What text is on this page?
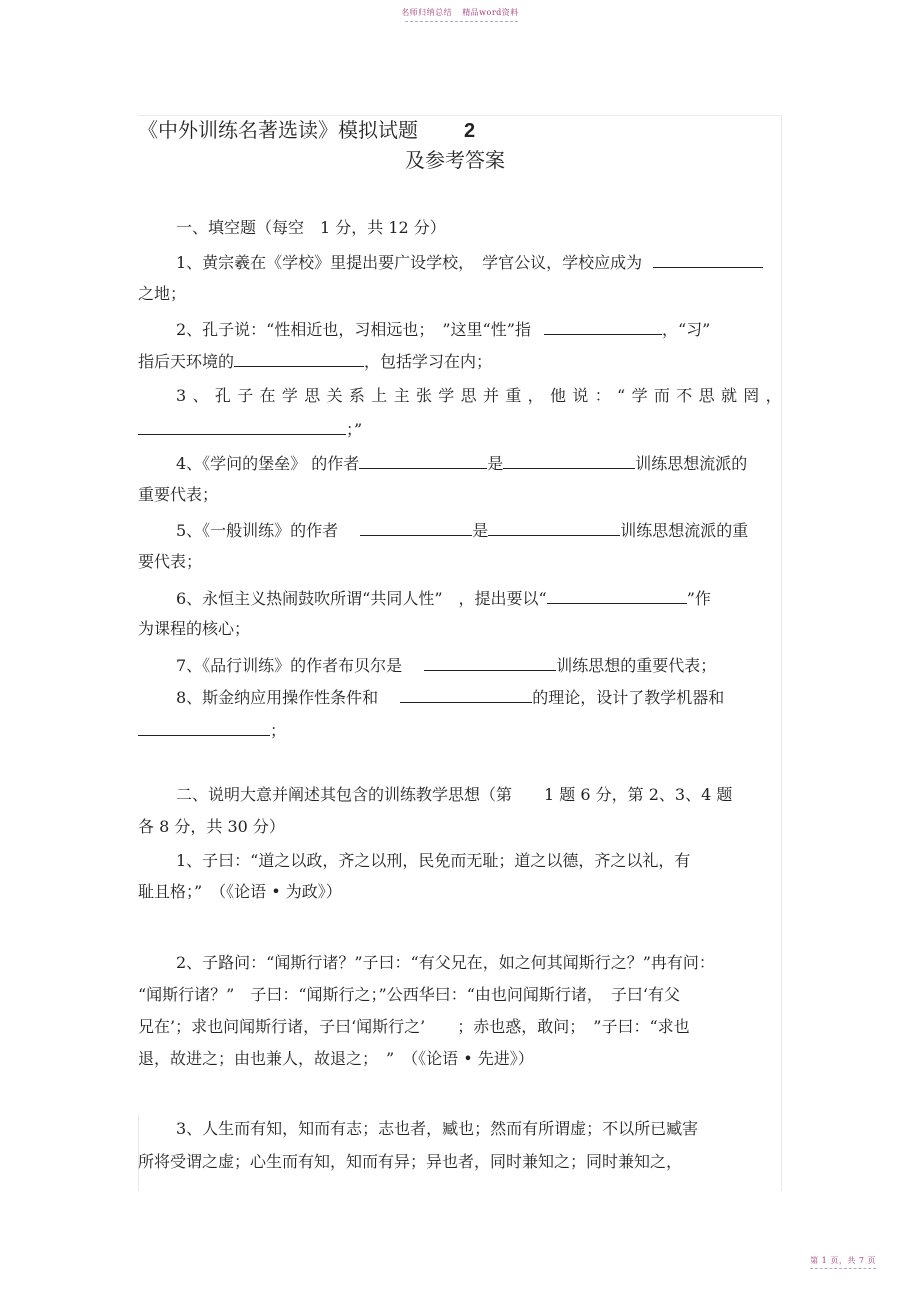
名师归纳总结 精品word资料
《中外训练名著选读》模拟试题 2
及参考答案
一、填空题（每空　1 分，共 12 分）
1、黄宗羲在《学校》里提出要广设学校，　学官公议，学校应成为
之地；
2、孔子说：“性相近也，习相远也；　”这里“性”指	，“习”
指后天环境的	，包括学习在内；
3 、 孔 子 在 学 思 关 系 上 主 张 学 思 并 重 ， 他 说 ： “ 学 而 不 思 就 罔 ，
；”
4、《学问的堡垒》 的作者	是	训练思想流派的
重要代表；
5、《一般训练》的作者　	是	训练思想流派的重
要代表；
6、永恒主义热闹鼓吹所谓“共同人性”　，提出要以“	”作
为课程的核心；
7、《品行训练》的作者布贝尔是　	训练思想的重要代表；
8、斯金纳应用操作性条件和　	的理论，设计了教学机器和
；
二、说明大意并阐述其包含的训练教学思想（第　　1 题 6 分，第 2、3、4 题
各 8 分，共 30 分）
1、子曰：“道之以政，齐之以刑，民免而无耻；道之以德，齐之以礼，有
耻且格；”　（《论语 • 为政》）
2、子路问：“闻斯行诸？”子曰：“有父兄在，如之何其闻斯行之？”冉有问：
“闻斯行诸？”　子曰：“闻斯行之；”公西华曰：“由也问闻斯行诸，　子曰‘有父
兄在’；求也问闻斯行诸，子曰‘闻斯行之’　　；赤也惑，敢问；　”子曰：“求也
退，故进之；由也兼人，故退之；　”　（《论语 • 先进》）
3、人生而有知，知而有志；志也者，臧也；然而有所谓虚；不以所已臧害
所将受谓之虚；心生而有知，知而有异；异也者，同时兼知之；同时兼知之，
第 1 页，共 7 页
